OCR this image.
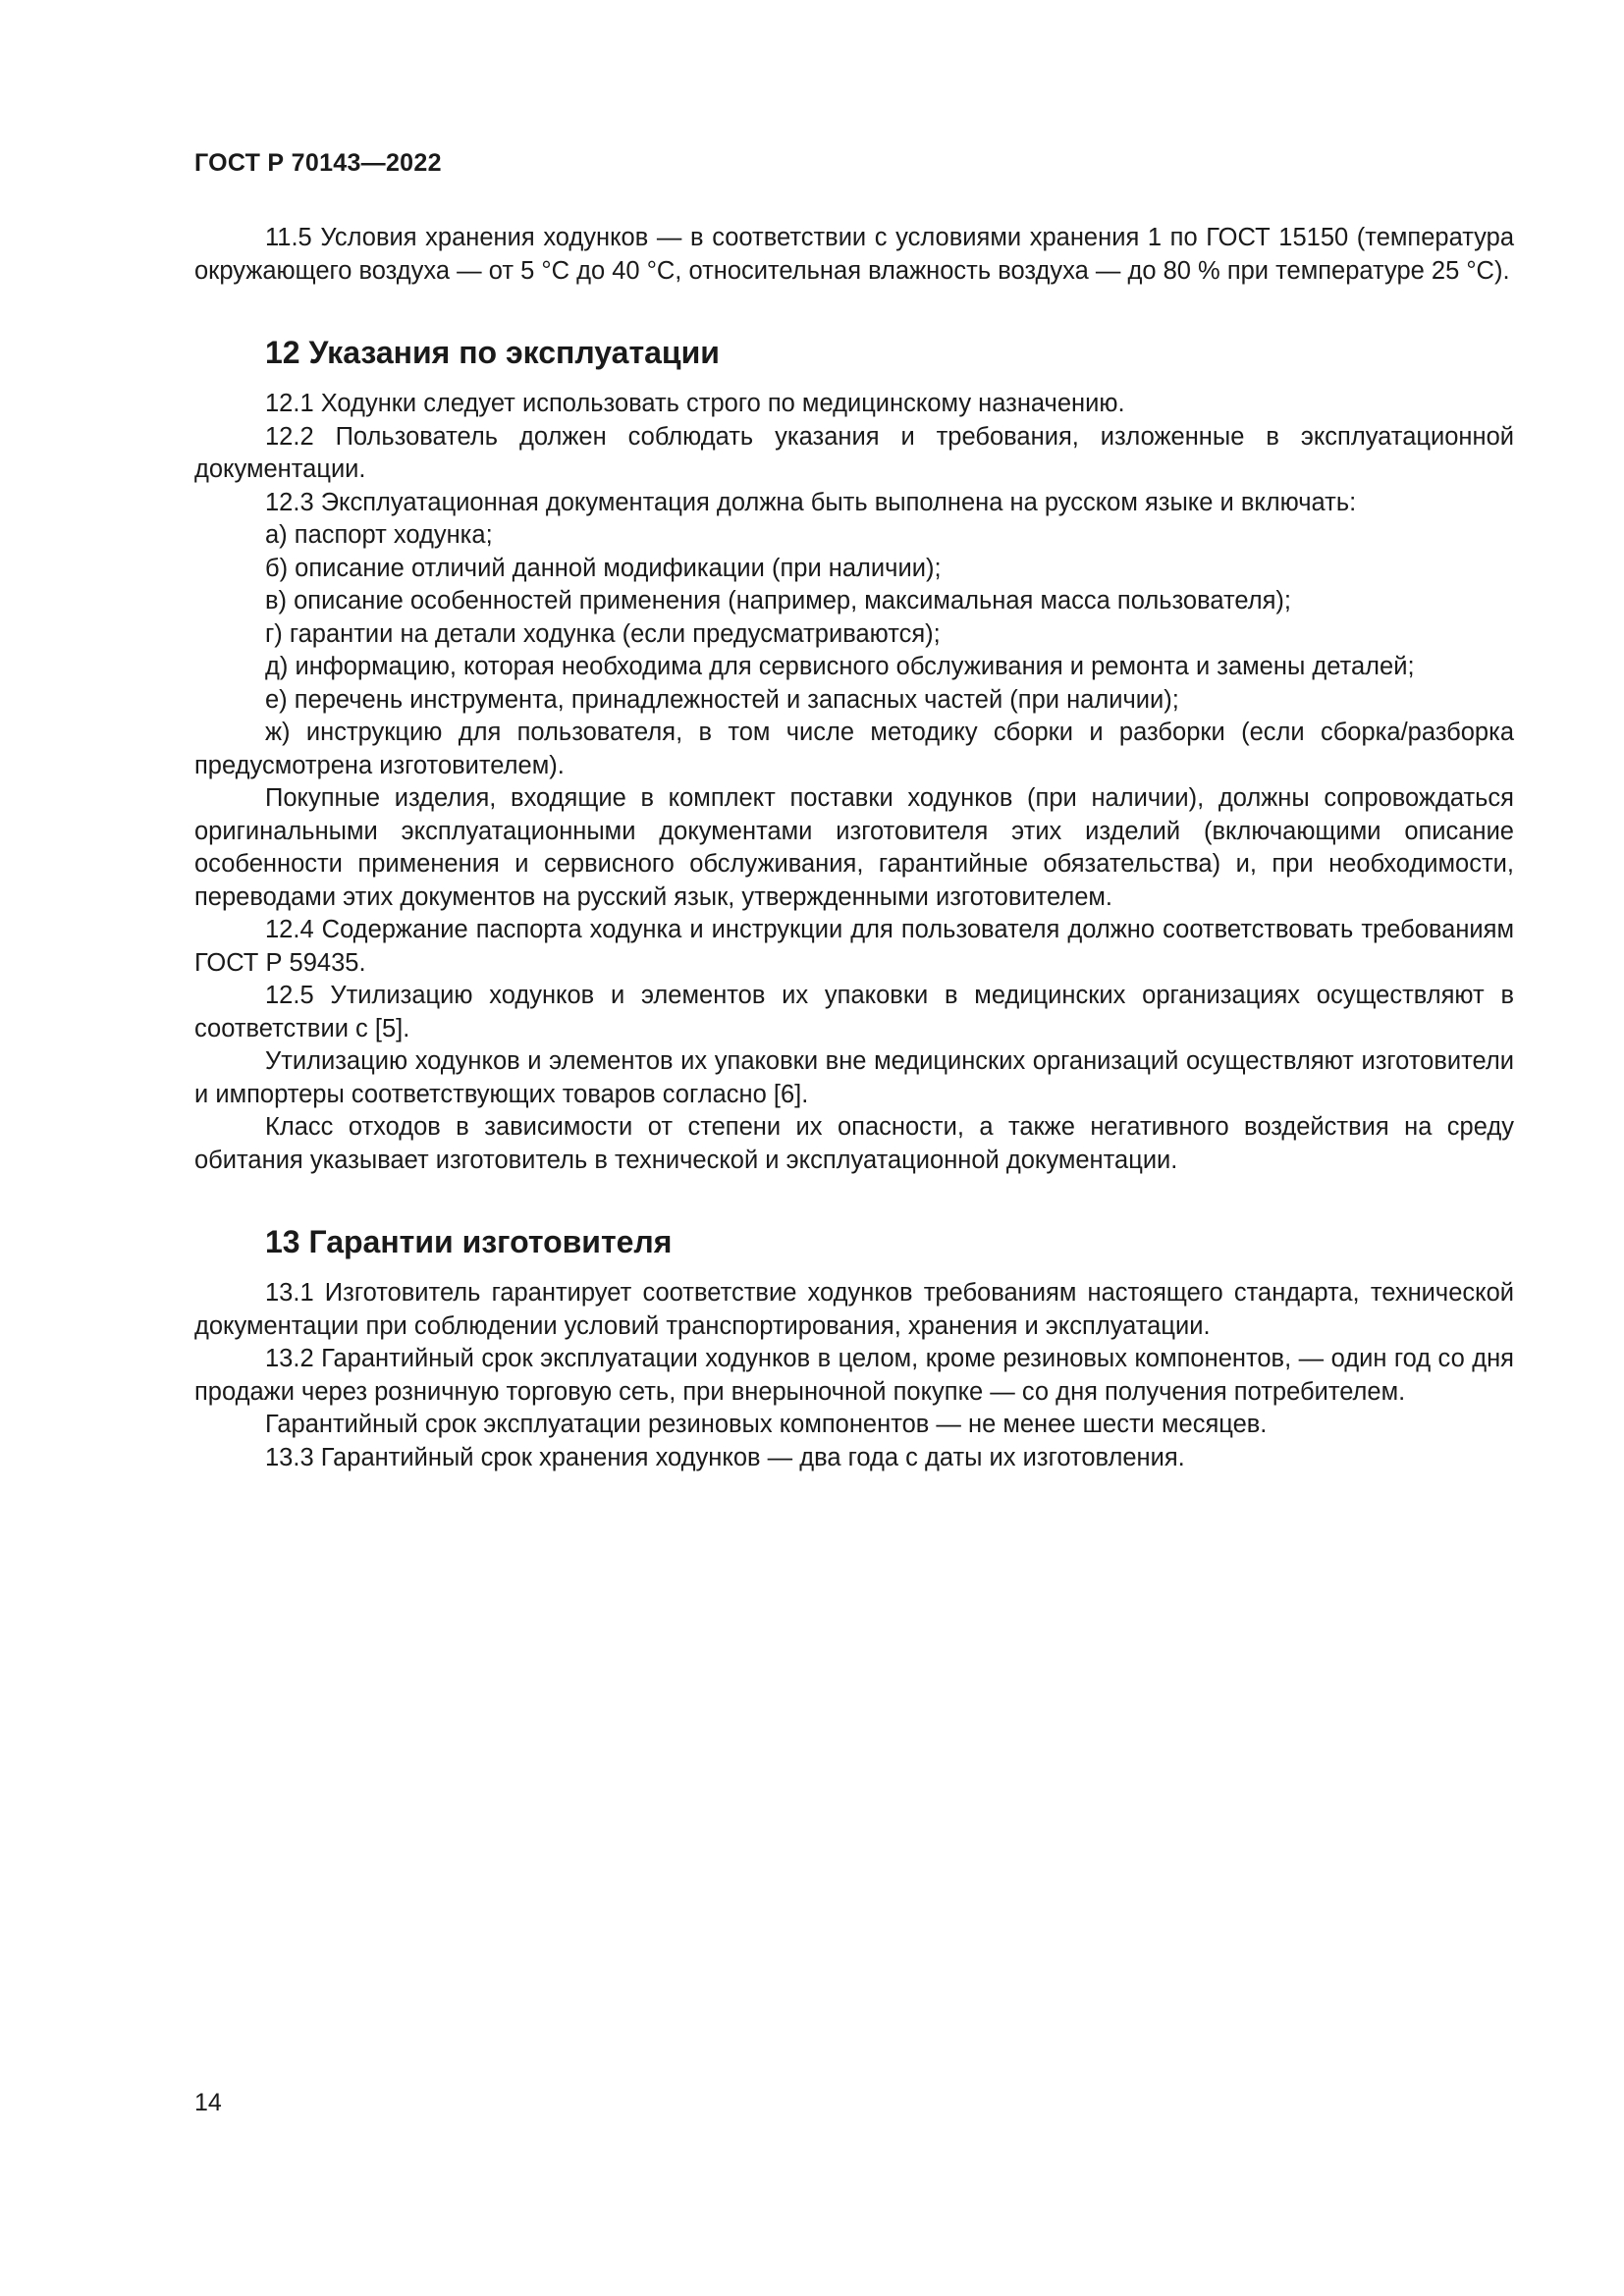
ГОСТ Р 70143—2022

11.5 Условия хранения ходунков — в соответствии с условиями хранения 1 по ГОСТ 15150 (температура окружающего воздуха — от 5 °С до 40 °С, относительная влажность воздуха — до 80 % при температуре 25 °С).

12 Указания по эксплуатации

12.1 Ходунки следует использовать строго по медицинскому назначению.

12.2 Пользователь должен соблюдать указания и требования, изложенные в эксплуатационной документации.

12.3 Эксплуатационная документация должна быть выполнена на русском языке и включать:

а) паспорт ходунка;

б) описание отличий данной модификации (при наличии);

в) описание особенностей применения (например, максимальная масса пользователя);

г) гарантии на детали ходунка (если предусматриваются);

д) информацию, которая необходима для сервисного обслуживания и ремонта и замены деталей;

е) перечень инструмента, принадлежностей и запасных частей (при наличии);

ж) инструкцию для пользователя, в том числе методику сборки и разборки (если сборка/разборка предусмотрена изготовителем).

Покупные изделия, входящие в комплект поставки ходунков (при наличии), должны сопровождаться оригинальными эксплуатационными документами изготовителя этих изделий (включающими описание особенности применения и сервисного обслуживания, гарантийные обязательства) и, при необходимости, переводами этих документов на русский язык, утвержденными изготовителем.

12.4 Содержание паспорта ходунка и инструкции для пользователя должно соответствовать требованиям ГОСТ Р 59435.

12.5 Утилизацию ходунков и элементов их упаковки в медицинских организациях осуществляют в соответствии с [5].

Утилизацию ходунков и элементов их упаковки вне медицинских организаций осуществляют изготовители и импортеры соответствующих товаров согласно [6].

Класс отходов в зависимости от степени их опасности, а также негативного воздействия на среду обитания указывает изготовитель в технической и эксплуатационной документации.

13 Гарантии изготовителя

13.1 Изготовитель гарантирует соответствие ходунков требованиям настоящего стандарта, технической документации при соблюдении условий транспортирования, хранения и эксплуатации.

13.2 Гарантийный срок эксплуатации ходунков в целом, кроме резиновых компонентов, — один год со дня продажи через розничную торговую сеть, при внерыночной покупке — со дня получения потребителем.

Гарантийный срок эксплуатации резиновых компонентов — не менее шести месяцев.

13.3 Гарантийный срок хранения ходунков — два года с даты их изготовления.

14
